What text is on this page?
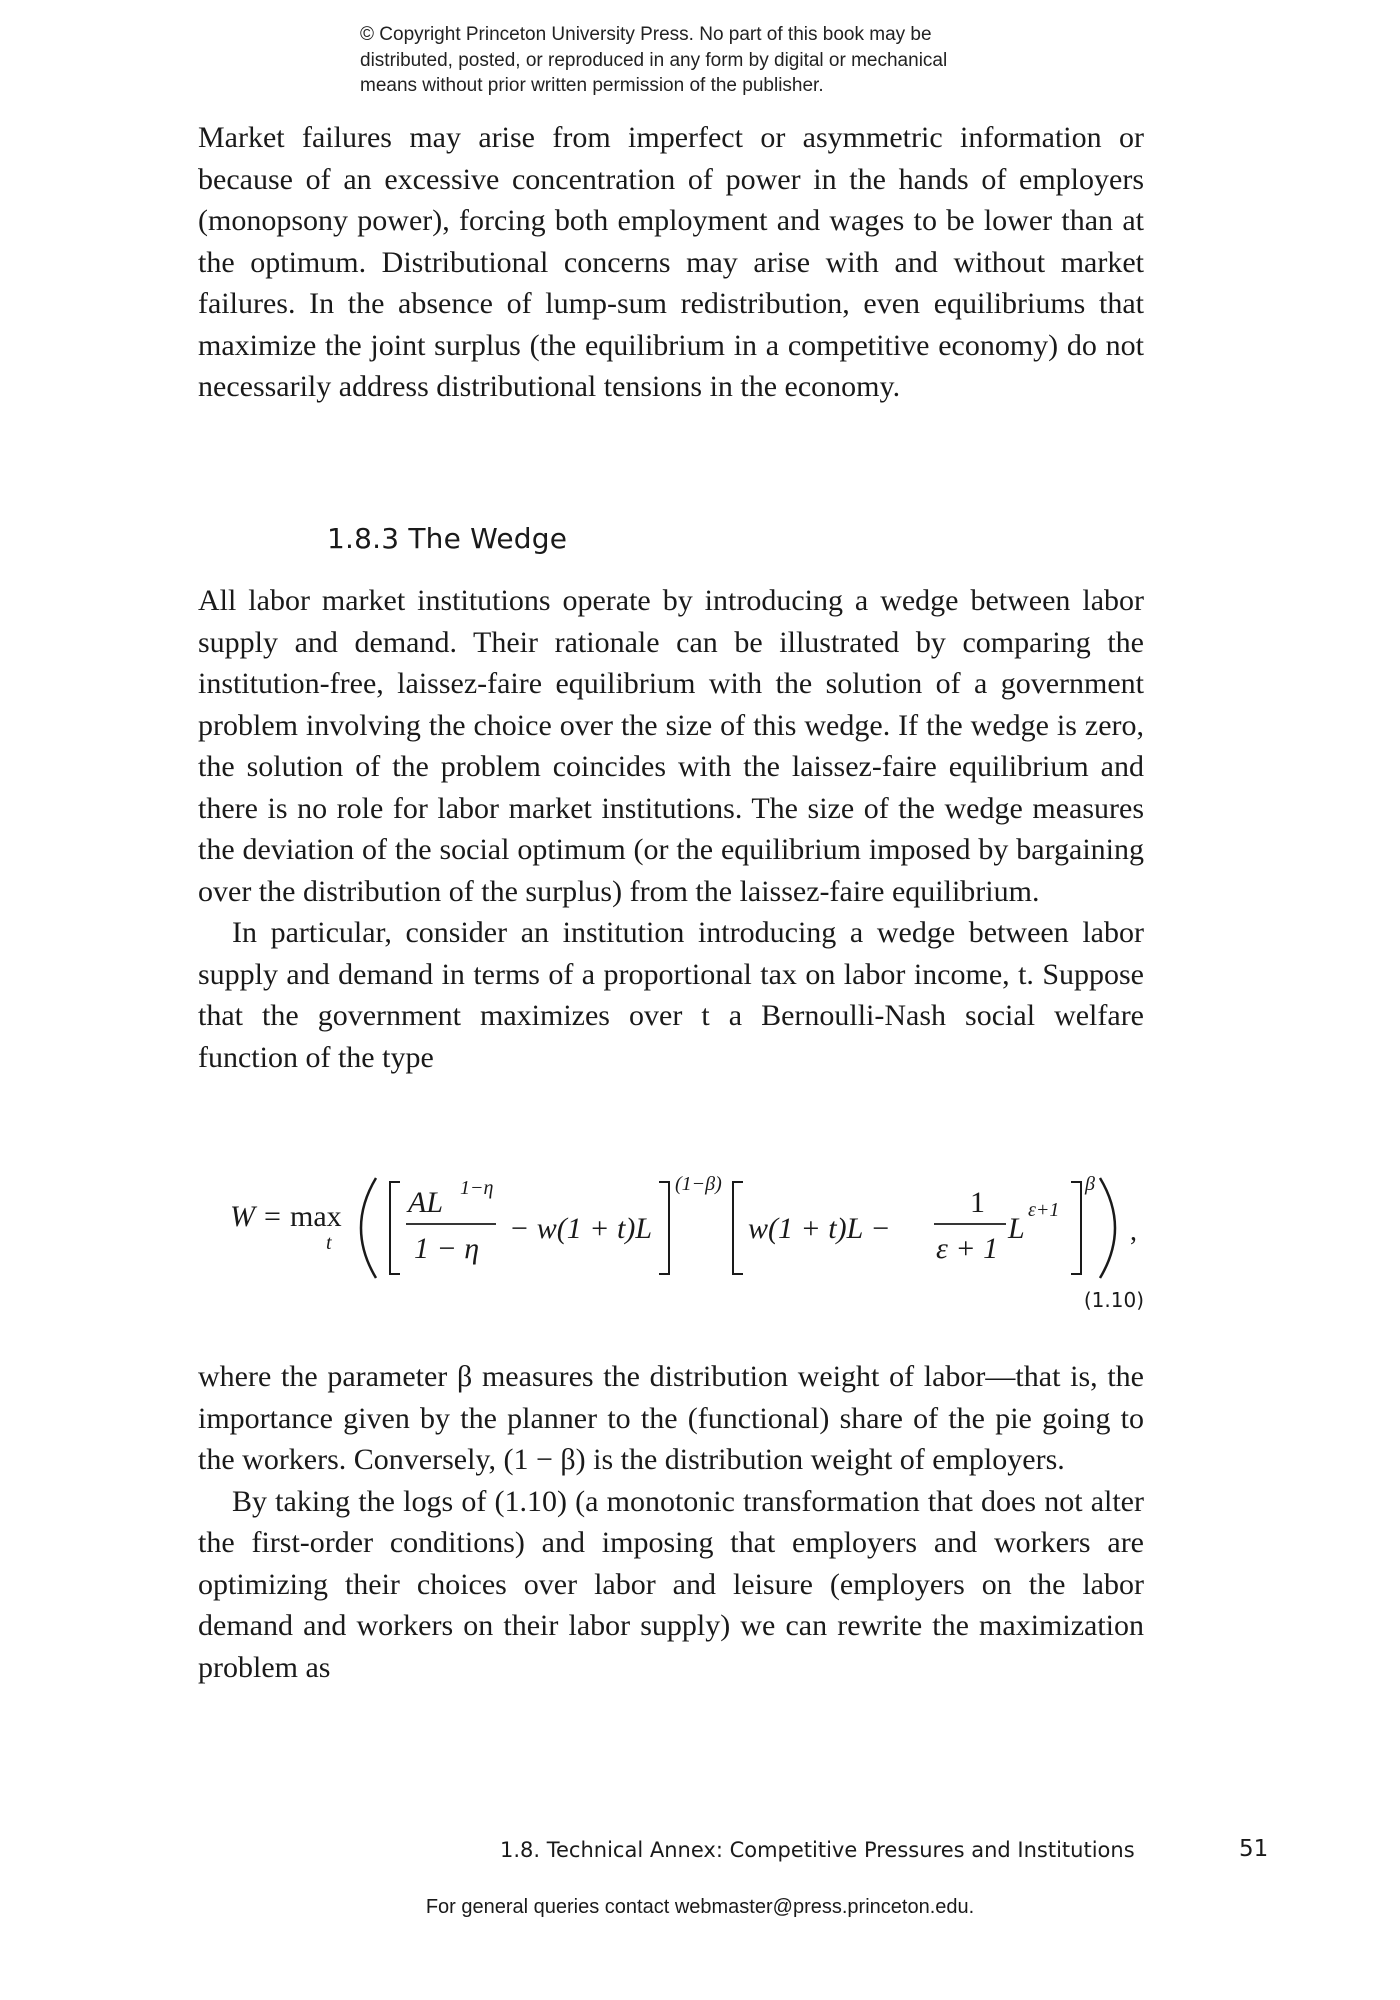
© Copyright Princeton University Press. No part of this book may be
distributed, posted, or reproduced in any form by digital or mechanical
means without prior written permission of the publisher.

Market failures may arise from imperfect or asymmetric information or because of an excessive concentration of power in the hands of employers (monopsony power), forcing both employment and wages to be lower than at the optimum. Distributional concerns may arise with and without market failures. In the absence of lump-sum redistribution, even equilibriums that maximize the joint surplus (the equilibrium in a competitive economy) do not necessarily address distributional tensions in the economy.

1.8.3 The Wedge

All labor market institutions operate by introducing a wedge between labor supply and demand. Their rationale can be illustrated by comparing the institution-free, laissez-faire equilibrium with the solution of a government problem involving the choice over the size of this wedge. If the wedge is zero, the solution of the problem coincides with the laissez-faire equilibrium and there is no role for labor market institutions. The size of the wedge measures the deviation of the social optimum (or the equilibrium imposed by bargaining over the distribution of the surplus) from the laissez-faire equilibrium.

In particular, consider an institution introducing a wedge between labor supply and demand in terms of a proportional tax on labor income, t. Suppose that the government maximizes over t a Bernoulli-Nash social welfare function of the type

W = max
t
AL 1−η
1 − η
− w(1 + t)L
(1−β)
w(1 + t)L −
1
ε + 1
L
ε+1
β
,
(1.10)

where the parameter β measures the distribution weight of labor—that is, the importance given by the planner to the (functional) share of the pie going to the workers. Conversely, (1 − β) is the distribution weight of employers.

By taking the logs of (1.10) (a monotonic transformation that does not alter the first-order conditions) and imposing that employers and workers are optimizing their choices over labor and leisure (employers on the labor demand and workers on their labor supply) we can rewrite the maximization problem as

1.8. Technical Annex: Competitive Pressures and Institutions	51
For general queries contact webmaster@press.princeton.edu.
